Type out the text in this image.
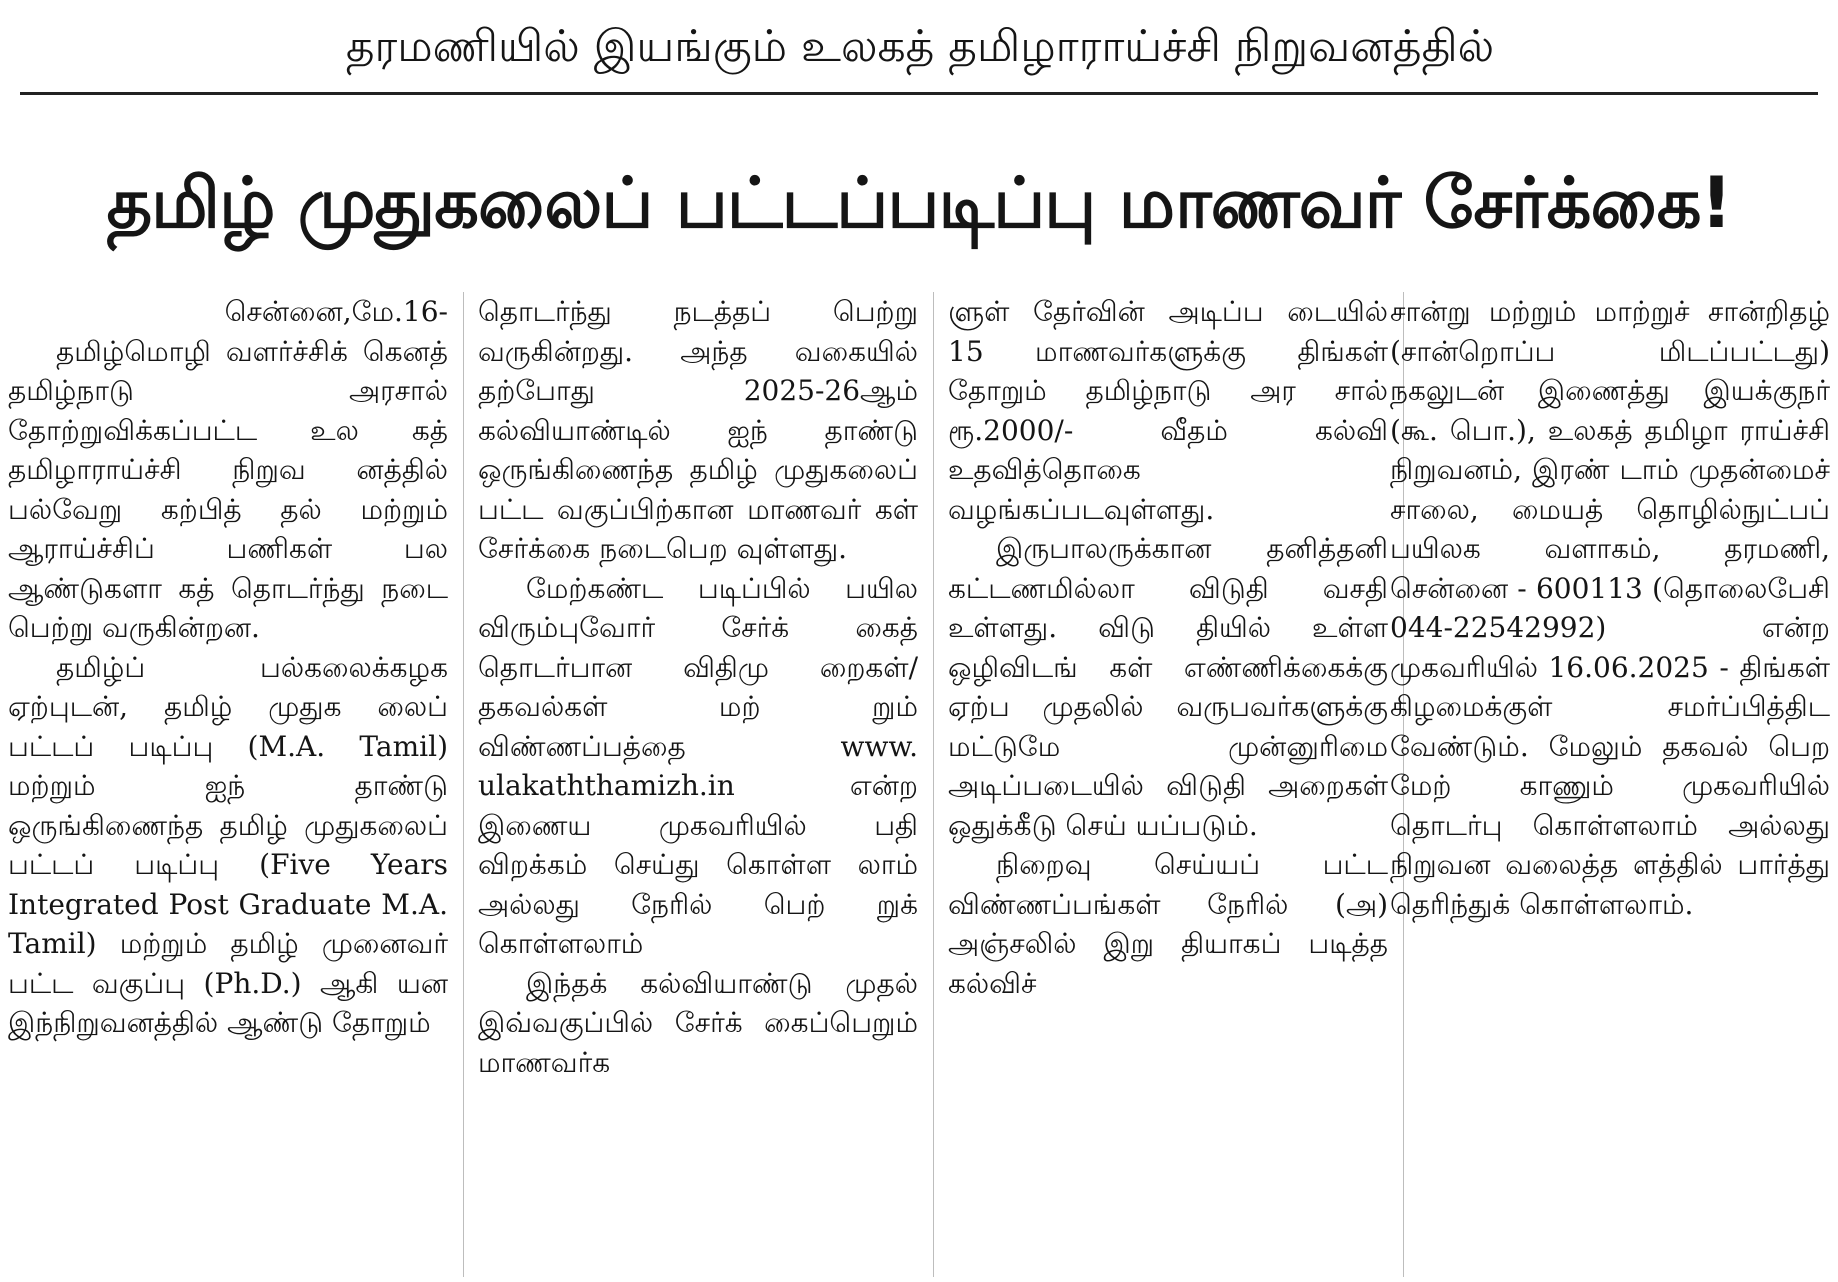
தரமணியில் இயங்கும் உலகத் தமிழாராய்ச்சி நிறுவனத்தில்
தமிழ் முதுகலைப் பட்டப்படிப்பு மாணவர் சேர்க்கை!

சென்னை,மே.16-

தமிழ்மொழி வளர்ச்சிக் கெனத் தமிழ்நாடு அரசால் தோற்றுவிக்கப்பட்ட உல கத் தமிழாராய்ச்சி நிறுவ னத்தில் பல்வேறு கற்பித் தல் மற்றும் ஆராய்ச்சிப் பணிகள் பல ஆண்டுகளா கத் தொடர்ந்து நடை பெற்று வருகின்றன.

தமிழ்ப் பல்கலைக்கழக ஏற்புடன், தமிழ் முதுக லைப் பட்டப் படிப்பு (M.A. Tamil) மற்றும் ஐந் தாண்டு ஒருங்கிணைந்த தமிழ் முதுகலைப் பட்டப் படிப்பு (Five Years Integrated Post Graduate M.A. Tamil) மற்றும் தமிழ் முனைவர் பட்ட வகுப்பு (Ph.D.) ஆகி யன இந்நிறுவனத்தில் ஆண்டு தோறும்

தொடர்ந்து நடத்தப் பெற்று வருகின்றது. அந்த வகையில் தற்போது 2025-26ஆம் கல்வியாண்டில் ஐந் தாண்டு ஒருங்கிணைந்த தமிழ் முதுகலைப் பட்ட வகுப்பிற்கான மாணவர் கள் சேர்க்கை நடைபெற வுள்ளது.

மேற்கண்ட படிப்பில் பயில விரும்புவோர் சேர்க் கைத் தொடர்பான விதிமு றைகள்/ தகவல்கள் மற் றும் விண்ணப்பத்தை www. ulakaththamizh.in என்ற இணைய முகவரியில் பதி விறக்கம் செய்து கொள்ள லாம் அல்லது நேரில் பெற் றுக் கொள்ளலாம்

இந்தக் கல்வியாண்டு முதல் இவ்வகுப்பில் சேர்க் கைப்பெறும் மாணவர்க

ளுள் தேர்வின் அடிப்ப டையில் 15 மாணவர்களுக்கு திங்கள் தோறும் தமிழ்நாடு அர சால் ரூ.2000/- வீதம் கல்வி உதவித்தொகை வழங்கப்படவுள்ளது.

இருபாலருக்கான தனித்தனி கட்டணமில்லா விடுதி வசதி உள்ளது. விடு தியில் உள்ள ஒழிவிடங் கள் எண்ணிக்கைக்கு ஏற்ப முதலில் வருபவர்களுக்கு மட்டுமே முன்னுரிமை அடிப்படையில் விடுதி அறைகள் ஒதுக்கீடு செய் யப்படும்.

நிறைவு செய்யப் பட்ட விண்ணப்பங்கள் நேரில் (அ) அஞ்சலில் இறு தியாகப் படித்த கல்விச்

சான்று மற்றும் மாற்றுச் சான்றிதழ் (சான்றொப்ப மிடப்பட்டது) நகலுடன் இணைத்து இயக்குநர் (கூ. பொ.), உலகத் தமிழா ராய்ச்சி நிறுவனம், இரண் டாம் முதன்மைச் சாலை, மையத் தொழில்நுட்பப் பயிலக வளாகம், தரமணி, சென்னை - 600113 (தொலைபேசி 044-22542992) என்ற முகவரியில் 16.06.2025 - திங்கள் கிழமைக்குள் சமர்ப்பித்திட வேண்டும். மேலும் தகவல் பெற மேற் காணும் முகவரியில் தொடர்பு கொள்ளலாம் அல்லது நிறுவன வலைத்த ளத்தில் பார்த்து தெரிந்துக் கொள்ளலாம்.
